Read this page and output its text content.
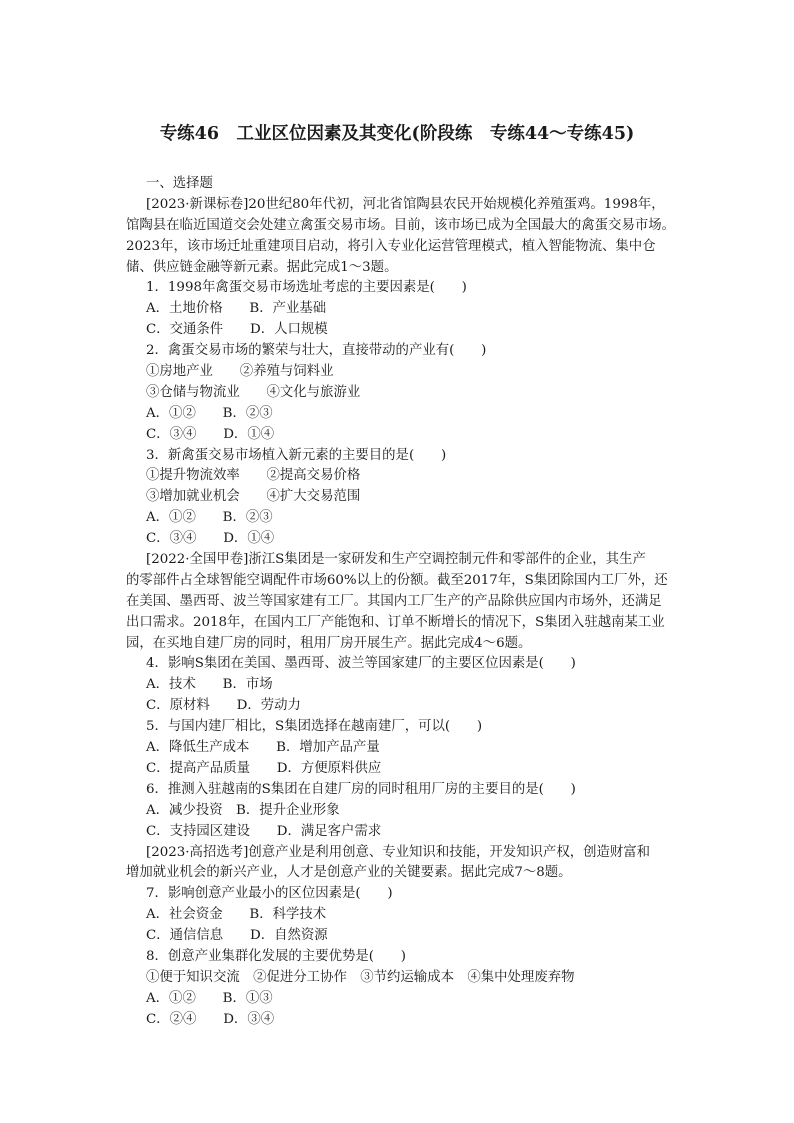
专练46　工业区位因素及其变化(阶段练　专练44～专练45)
一、选择题
[2023·新课标卷]20世纪80年代初，河北省馆陶县农民开始规模化养殖蛋鸡。1998年，
馆陶县在临近国道交会处建立禽蛋交易市场。目前，该市场已成为全国最大的禽蛋交易市场。
2023年，该市场迁址重建项目启动，将引入专业化运营管理模式，植入智能物流、集中仓
储、供应链金融等新元素。据此完成1～3题。
1．1998年禽蛋交易市场选址考虑的主要因素是(　　)
A．土地价格　　B．产业基础
C．交通条件　　D．人口规模
2．禽蛋交易市场的繁荣与壮大，直接带动的产业有(　　)
①房地产业　　②养殖与饲料业
③仓储与物流业　　④文化与旅游业
A．①②　　B．②③
C．③④　　D．①④
3．新禽蛋交易市场植入新元素的主要目的是(　　)
①提升物流效率　　②提高交易价格
③增加就业机会　　④扩大交易范围
A．①②　　B．②③
C．③④　　D．①④
[2022·全国甲卷]浙江S集团是一家研发和生产空调控制元件和零部件的企业，其生产
的零部件占全球智能空调配件市场60%以上的份额。截至2017年，S集团除国内工厂外，还
在美国、墨西哥、波兰等国家建有工厂。其国内工厂生产的产品除供应国内市场外，还满足
出口需求。2018年，在国内工厂产能饱和、订单不断增长的情况下，S集团入驻越南某工业
园，在买地自建厂房的同时，租用厂房开展生产。据此完成4～6题。
4．影响S集团在美国、墨西哥、波兰等国家建厂的主要区位因素是(　　)
A．技术　　B．市场
C．原材料　　D．劳动力
5．与国内建厂相比，S集团选择在越南建厂，可以(　　)
A．降低生产成本　　B．增加产品产量
C．提高产品质量　　D．方便原料供应
6．推测入驻越南的S集团在自建厂房的同时租用厂房的主要目的是(　　)
A．减少投资　B．提升企业形象
C．支持园区建设　　D．满足客户需求
[2023·高招选考]创意产业是利用创意、专业知识和技能，开发知识产权，创造财富和
增加就业机会的新兴产业，人才是创意产业的关键要素。据此完成7～8题。
7．影响创意产业最小的区位因素是(　　)
A．社会资金　　B．科学技术
C．通信信息　　D．自然资源
8．创意产业集群化发展的主要优势是(　　)
①便于知识交流　②促进分工协作　③节约运输成本　④集中处理废弃物
A．①②　　B．①③
C．②④　　D．③④
